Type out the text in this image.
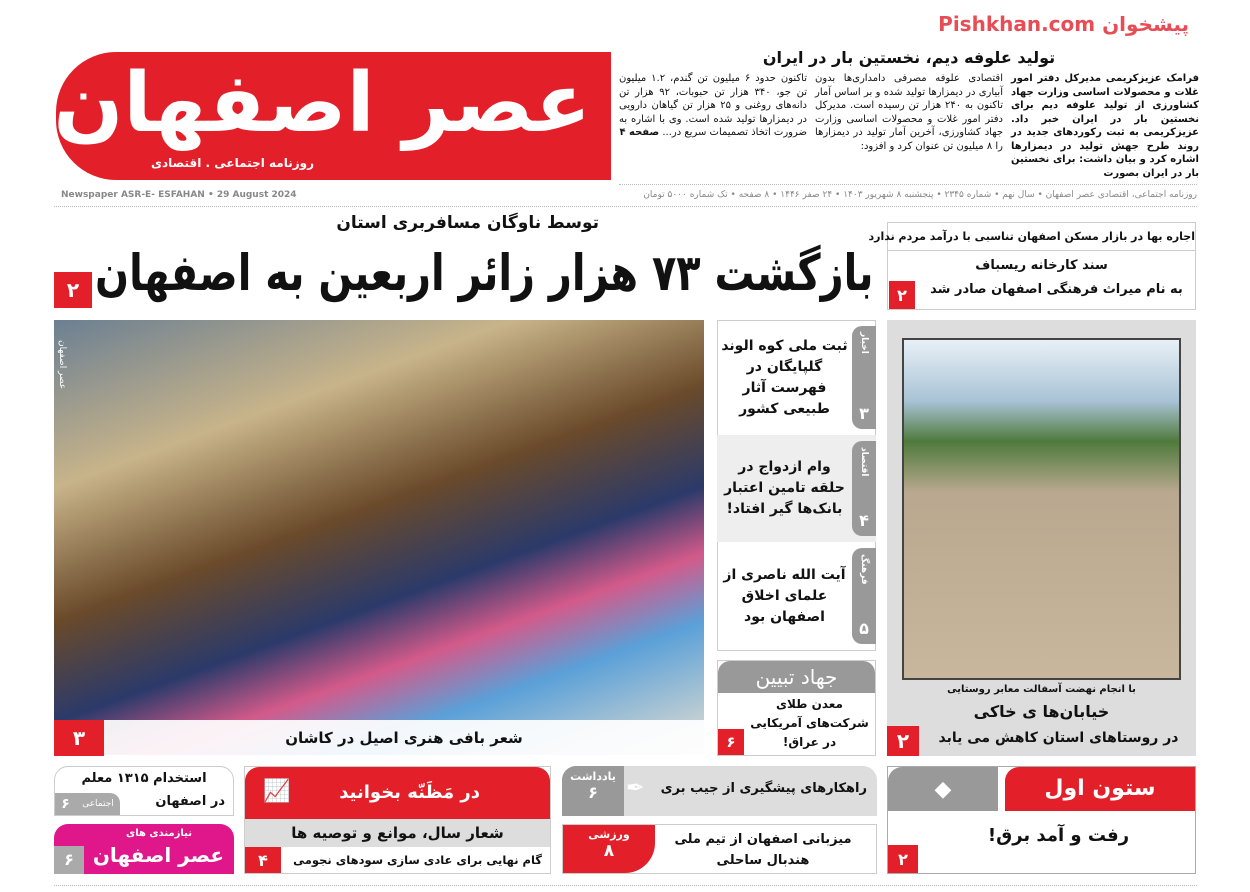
عصر اصفهان
روزنامه اجتماعی . اقتصادی
پیشخوان Pishkhan.com
تولید علوفه دیم، نخستین بار در ایران
فرامک عزیزکریمی مدیرکل دفتر امور غلات و محصولات اساسی وزارت جهاد کشاورزی از تولید علوفه دیم برای نخستین بار در ایران خبر داد. عزیزکریمی به ثبت رکوردهای جدید در روند طرح جهش تولید در دیمزارها اشاره کرد و بیان داشت: برای نخستین بار در ایران بصورت
اقتصادی علوفه مصرفی دامداری‌ها بدون آبیاری در دیمزارها تولید شده و بر اساس آمار تاکنون به ۲۴۰ هزار تن رسیده است. مدیرکل دفتر امور غلات و محصولات اساسی وزارت جهاد کشاورزی، آخرین آمار تولید در دیمزارها را ۸ میلیون تن عنوان کرد و افزود:
تاکنون حدود ۶ میلیون تن گندم، ۱.۲ میلیون تن جو، ۳۴۰ هزار تن حبوبات، ۹۲ هزار تن دانه‌های روغنی و ۲۵ هزار تن گیاهان دارویی در دیمزارها تولید شده است. وی با اشاره به ضرورت اتخاذ تصمیمات سریع در... صفحه ۴
روزنامه اجتماعی، اقتصادی عصر اصفهان • سال نهم • شماره ۲۳۴۵ • پنجشنبه ۸ شهریور ۱۴۰۳ • ۲۴ صفر ۱۴۴۶ • ۸ صفحه • تک شماره ۵۰۰۰ تومان
Newspaper ASR-E- ESFAHAN • 29 August 2024
توسط ناوگان مسافربری استان
بازگشت ۷۳ هزار زائر اربعین به اصفهان
۲
اجاره بها در بازار مسکن اصفهان تناسبی با درآمد مردم ندارد
سند کارخانه ریسباف
به نام میراث فرهنگی اصفهان صادر شد
۲
عصر اصفهان
شعر بافی هنری اصیل در کاشان
۳
ثبت ملی کوه الوند گلپایگان در فهرست آثار طبیعی کشور
اخبار
۳
وام ازدواج در حلقه تامین اعتبار بانک‌ها گیر افتاد!
اقتصاد
۴
آیت الله ناصری از علمای اخلاق اصفهان بود
فرهنگ
۵
جهاد تبیین
معدن طلای شرکت‌های آمریکایی در عراق!
۶
با انجام نهضت آسفالت معابر روستایی
خیابان‌ها ی خاکی
در روستاهای استان کاهش می یابد
۲
◆	ستون اول
رفت و آمد برق!
۲
راهکارهای پیشگیری از جیب بری
یادداشت
۶	✒
ورزشی
۸
میزبانی اصفهان از تیم ملی هندبال ساحلی
در مَظَنّه بخوانید
📈
شعار سال، موانع و توصیه ها
گام نهایی برای عادی سازی سودهای نجومی
۴
استخدام ۱۳۱۵ معلم
در اصفهان
اجتماعی
۶
نیازمندی های
عصر اصفهان
۶
